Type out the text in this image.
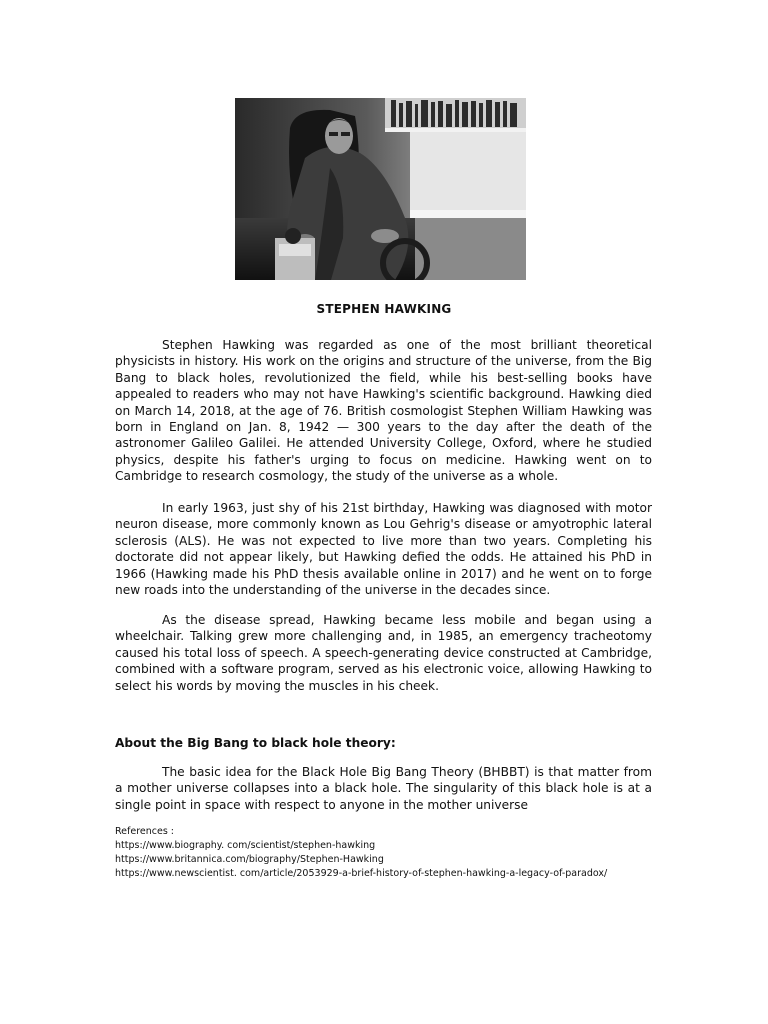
STEPHEN HAWKING

Stephen Hawking was regarded as one of the most brilliant theoretical physicists in history. His work on the origins and structure of the universe, from the Big Bang to black holes, revolutionized the field, while his best-selling books have appealed to readers who may not have Hawking's scientific background. Hawking died on March 14, 2018, at the age of 76. British cosmologist Stephen William Hawking was born in England on Jan. 8, 1942 — 300 years to the day after the death of the astronomer Galileo Galilei. He attended University College, Oxford, where he studied physics, despite his father's urging to focus on medicine. Hawking went on to Cambridge to research cosmology, the study of the universe as a whole.

In early 1963, just shy of his 21st birthday, Hawking was diagnosed with motor neuron disease, more commonly known as Lou Gehrig's disease or amyotrophic lateral sclerosis (ALS). He was not expected to live more than two years. Completing his doctorate did not appear likely, but Hawking defied the odds. He attained his PhD in 1966 (Hawking made his PhD thesis available online in 2017) and he went on to forge new roads into the understanding of the universe in the decades since.

As the disease spread, Hawking became less mobile and began using a wheelchair. Talking grew more challenging and, in 1985, an emergency tracheotomy caused his total loss of speech. A speech-generating device constructed at Cambridge, combined with a software program, served as his electronic voice, allowing Hawking to select his words by moving the muscles in his cheek.

About the Big Bang to black hole theory:

The basic idea for the Black Hole Big Bang Theory (BHBBT) is that matter from a mother universe collapses into a black hole. The singularity of this black hole is at a single point in space with respect to anyone in the mother universe

References :
https://www.biography. com/scientist/stephen-hawking
https://www.britannica.com/biography/Stephen-Hawking
https://www.newscientist. com/article/2053929-a-brief-history-of-stephen-hawking-a-legacy-of-paradox/
